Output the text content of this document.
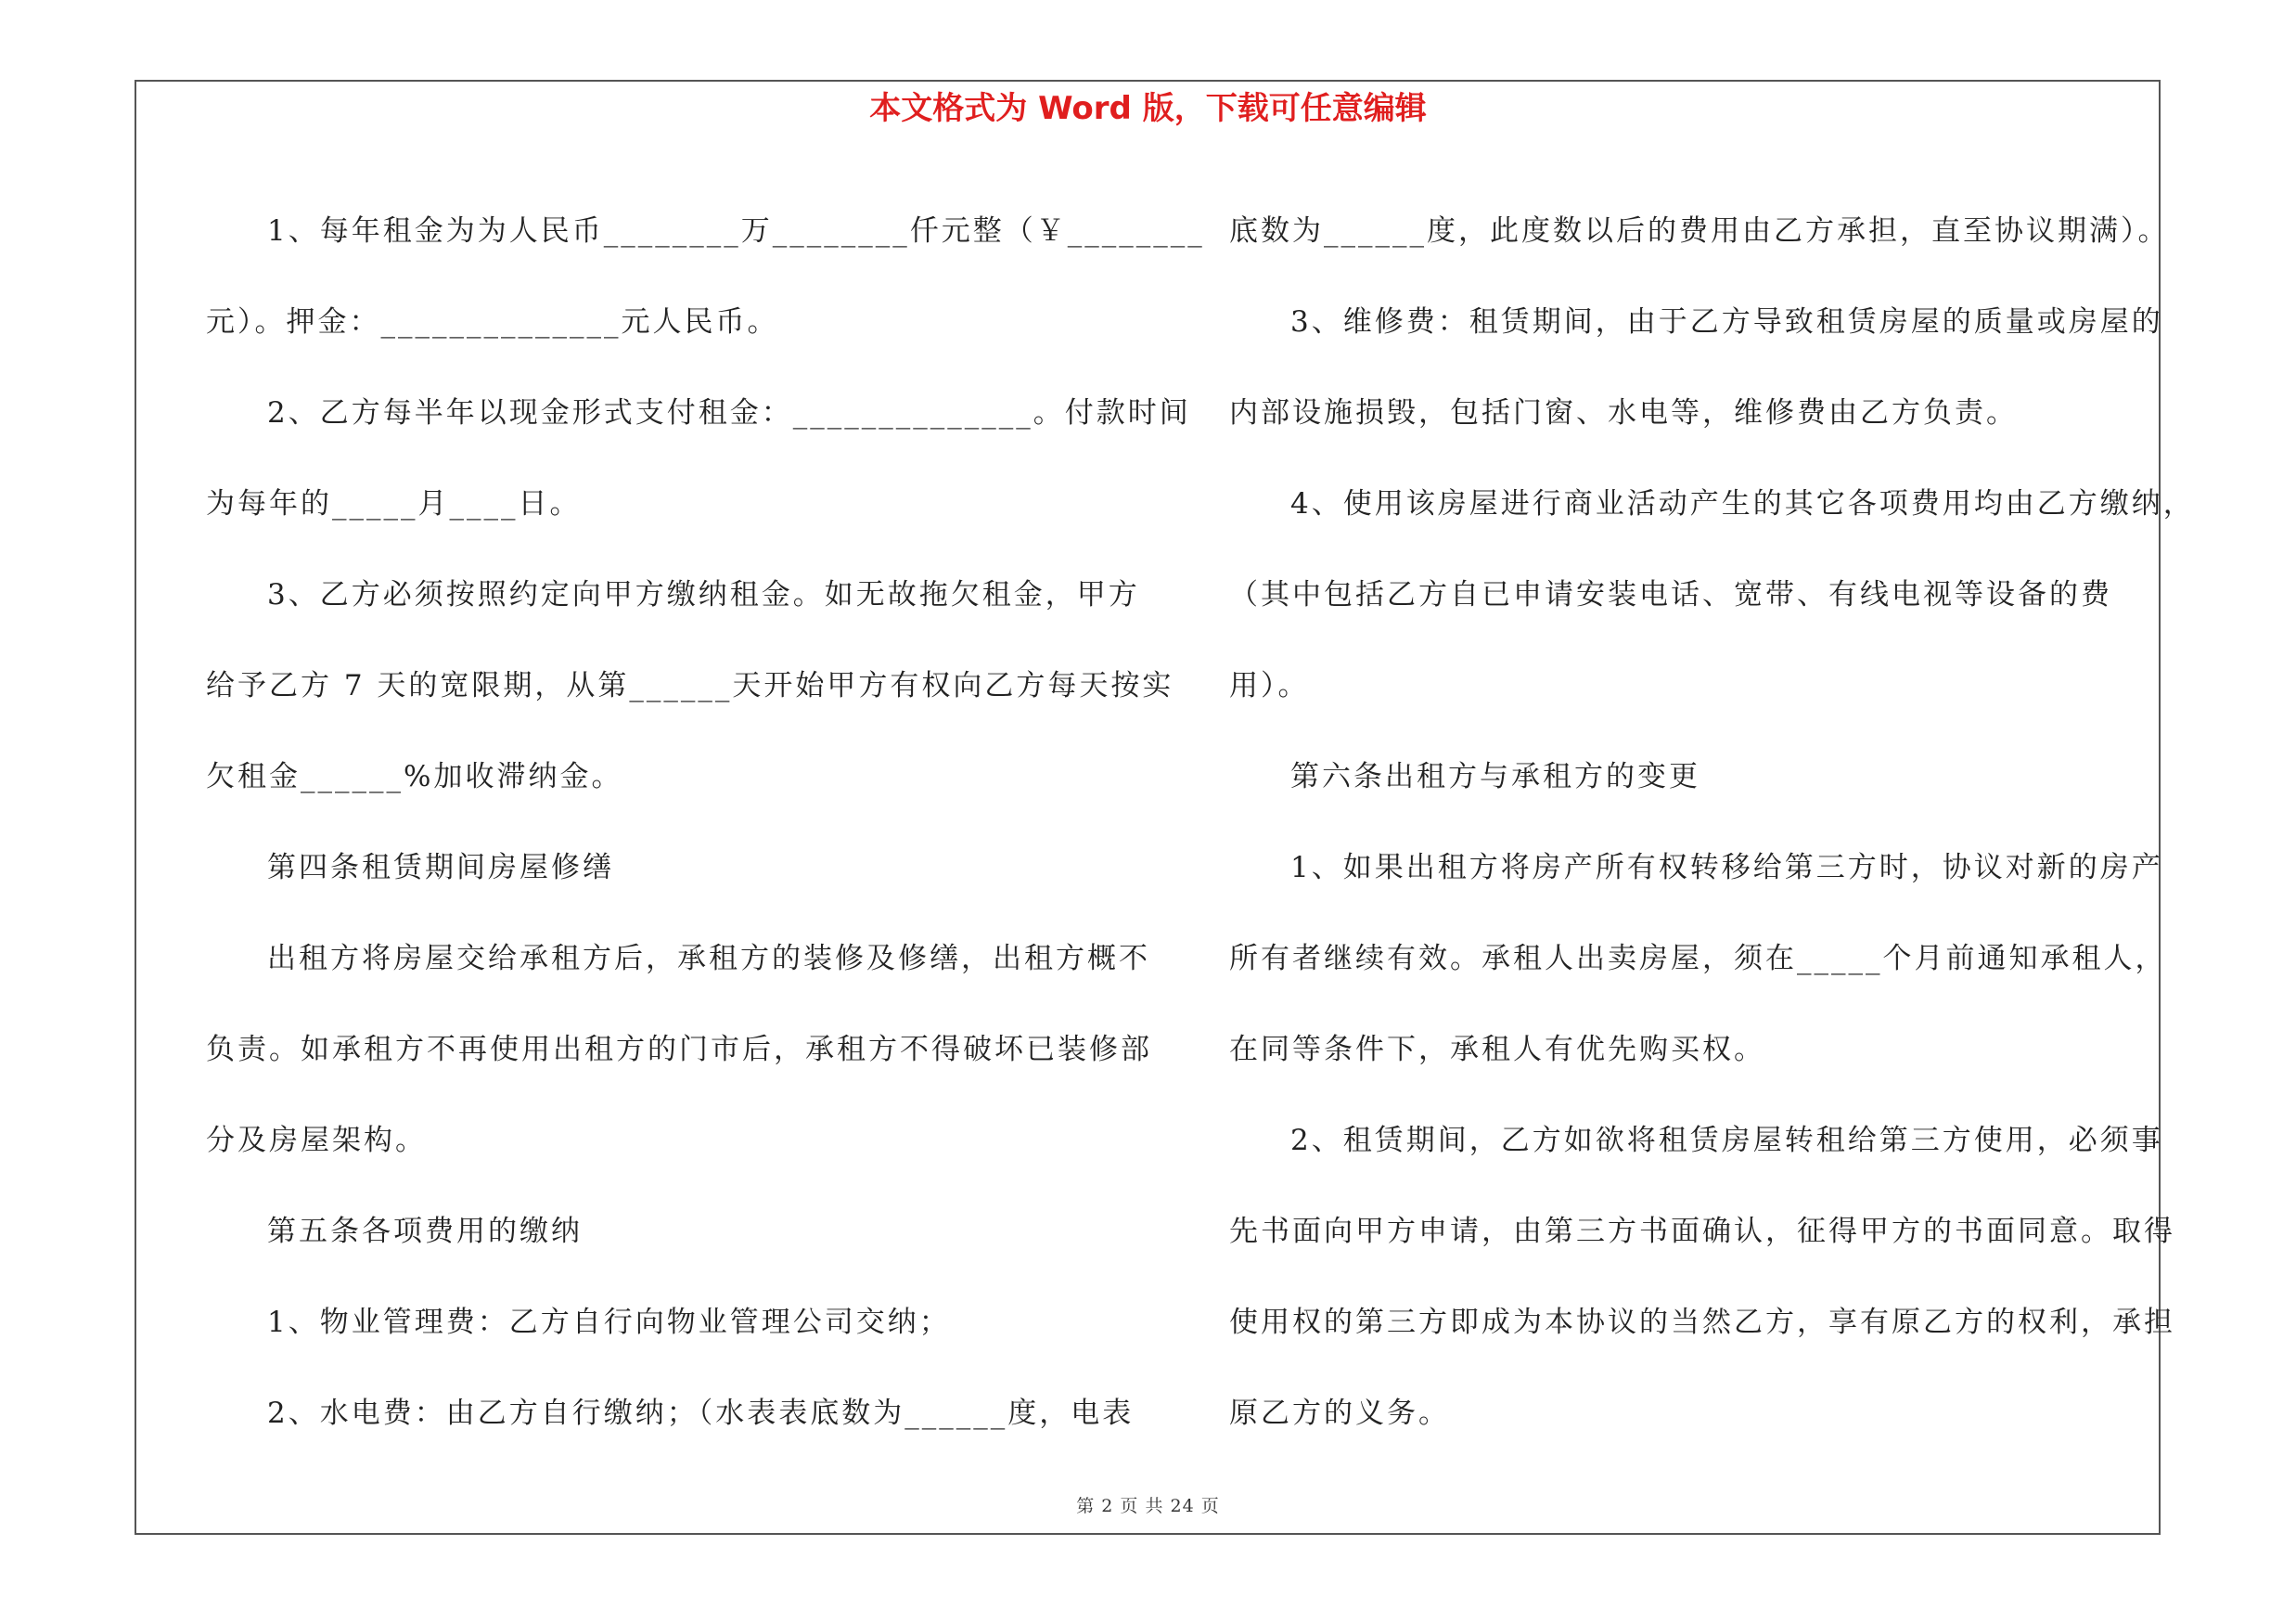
本文格式为 Word 版，下载可任意编辑
1、每年租金为为人民币________万________仟元整（￥________
元）。押金：______________元人民币。
2、乙方每半年以现金形式支付租金：______________。付款时间
为每年的_____月____日。
3、乙方必须按照约定向甲方缴纳租金。如无故拖欠租金，甲方
给予乙方 7 天的宽限期，从第______天开始甲方有权向乙方每天按实
欠租金______%加收滞纳金。
第四条租赁期间房屋修缮
出租方将房屋交给承租方后，承租方的装修及修缮，出租方概不
负责。如承租方不再使用出租方的门市后，承租方不得破坏已装修部
分及房屋架构。
第五条各项费用的缴纳
1、物业管理费：乙方自行向物业管理公司交纳；
2、水电费：由乙方自行缴纳；（水表表底数为______度，电表
底数为______度，此度数以后的费用由乙方承担，直至协议期满）。
3、维修费：租赁期间，由于乙方导致租赁房屋的质量或房屋的
内部设施损毁，包括门窗、水电等，维修费由乙方负责。
4、使用该房屋进行商业活动产生的其它各项费用均由乙方缴纳，
（其中包括乙方自已申请安装电话、宽带、有线电视等设备的费
用）。
第六条出租方与承租方的变更
1、如果出租方将房产所有权转移给第三方时，协议对新的房产
所有者继续有效。承租人出卖房屋，须在_____个月前通知承租人，
在同等条件下，承租人有优先购买权。
2、租赁期间，乙方如欲将租赁房屋转租给第三方使用，必须事
先书面向甲方申请，由第三方书面确认，征得甲方的书面同意。取得
使用权的第三方即成为本协议的当然乙方，享有原乙方的权利，承担
原乙方的义务。
第 2 页 共 24 页
